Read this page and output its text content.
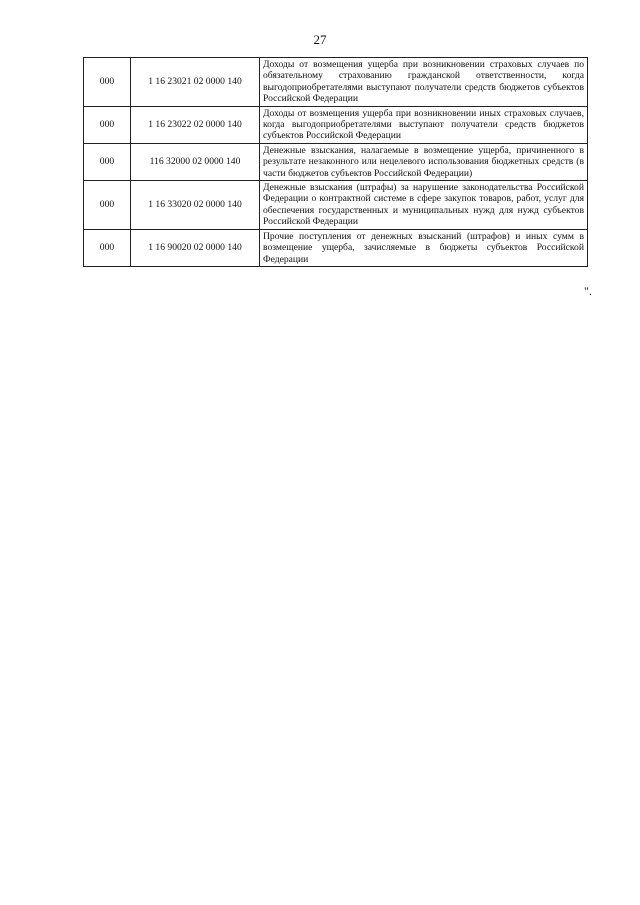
27
000	1 16 23021 02 0000 140	Доходы от возмещения ущерба при возникновении страховых случаев по обязательному страхованию гражданской ответственности, когда выгодоприобретателями выступают получатели средств бюджетов субъектов Российской Федерации
000	1 16 23022 02 0000 140	Доходы от возмещения ущерба при возникновении иных страховых случаев, когда выгодоприобретателями выступают получатели средств бюджетов субъектов Российской Федерации
000	116 32000 02 0000 140	Денежные взыскания, налагаемые в возмещение ущерба, причиненного в результате незаконного или нецелевого использования бюджетных средств (в части бюджетов субъектов Российской Федерации)
000	1 16 33020 02 0000 140	Денежные взыскания (штрафы) за нарушение законодательства Российской Федерации о контрактной системе в сфере закупок товаров, работ, услуг для обеспечения государственных и муниципальных нужд для нужд субъектов Российской Федерации
000	1 16 90020 02 0000 140	Прочие поступления от денежных взысканий (штрафов) и иных сумм в возмещение ущерба, зачисляемые в бюджеты субъектов Российской Федерации
".
